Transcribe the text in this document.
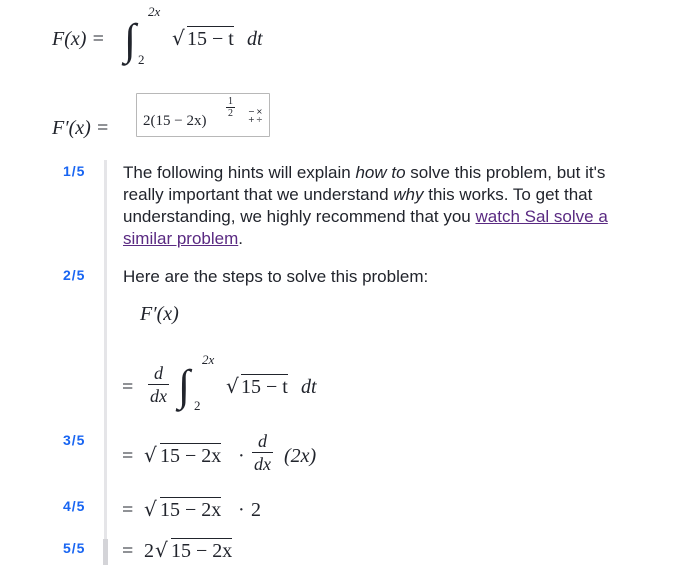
F(x) =
2x
∫ 2
√ 15 − t dt
F′(x) = 2(15 − 2x)
$\frac{1}{2}$ − ×
+ ÷
1/5
2/5
3/5
4/5
5/5
The following hints will explain how to solve this problem, but it's really important that we understand why this works. To get that understanding, we highly recommend that you watch Sal solve a similar problem.
Here are the steps to solve this problem:
F′(x)
= $\frac{d}{dx}$
2x
∫ 2
√ 15 − t dt
= √ $15 - 2x \cdot \frac{d}{dx} (2x)$
= √ 15 − 2x · 2
= 2 √ 15 − 2x
